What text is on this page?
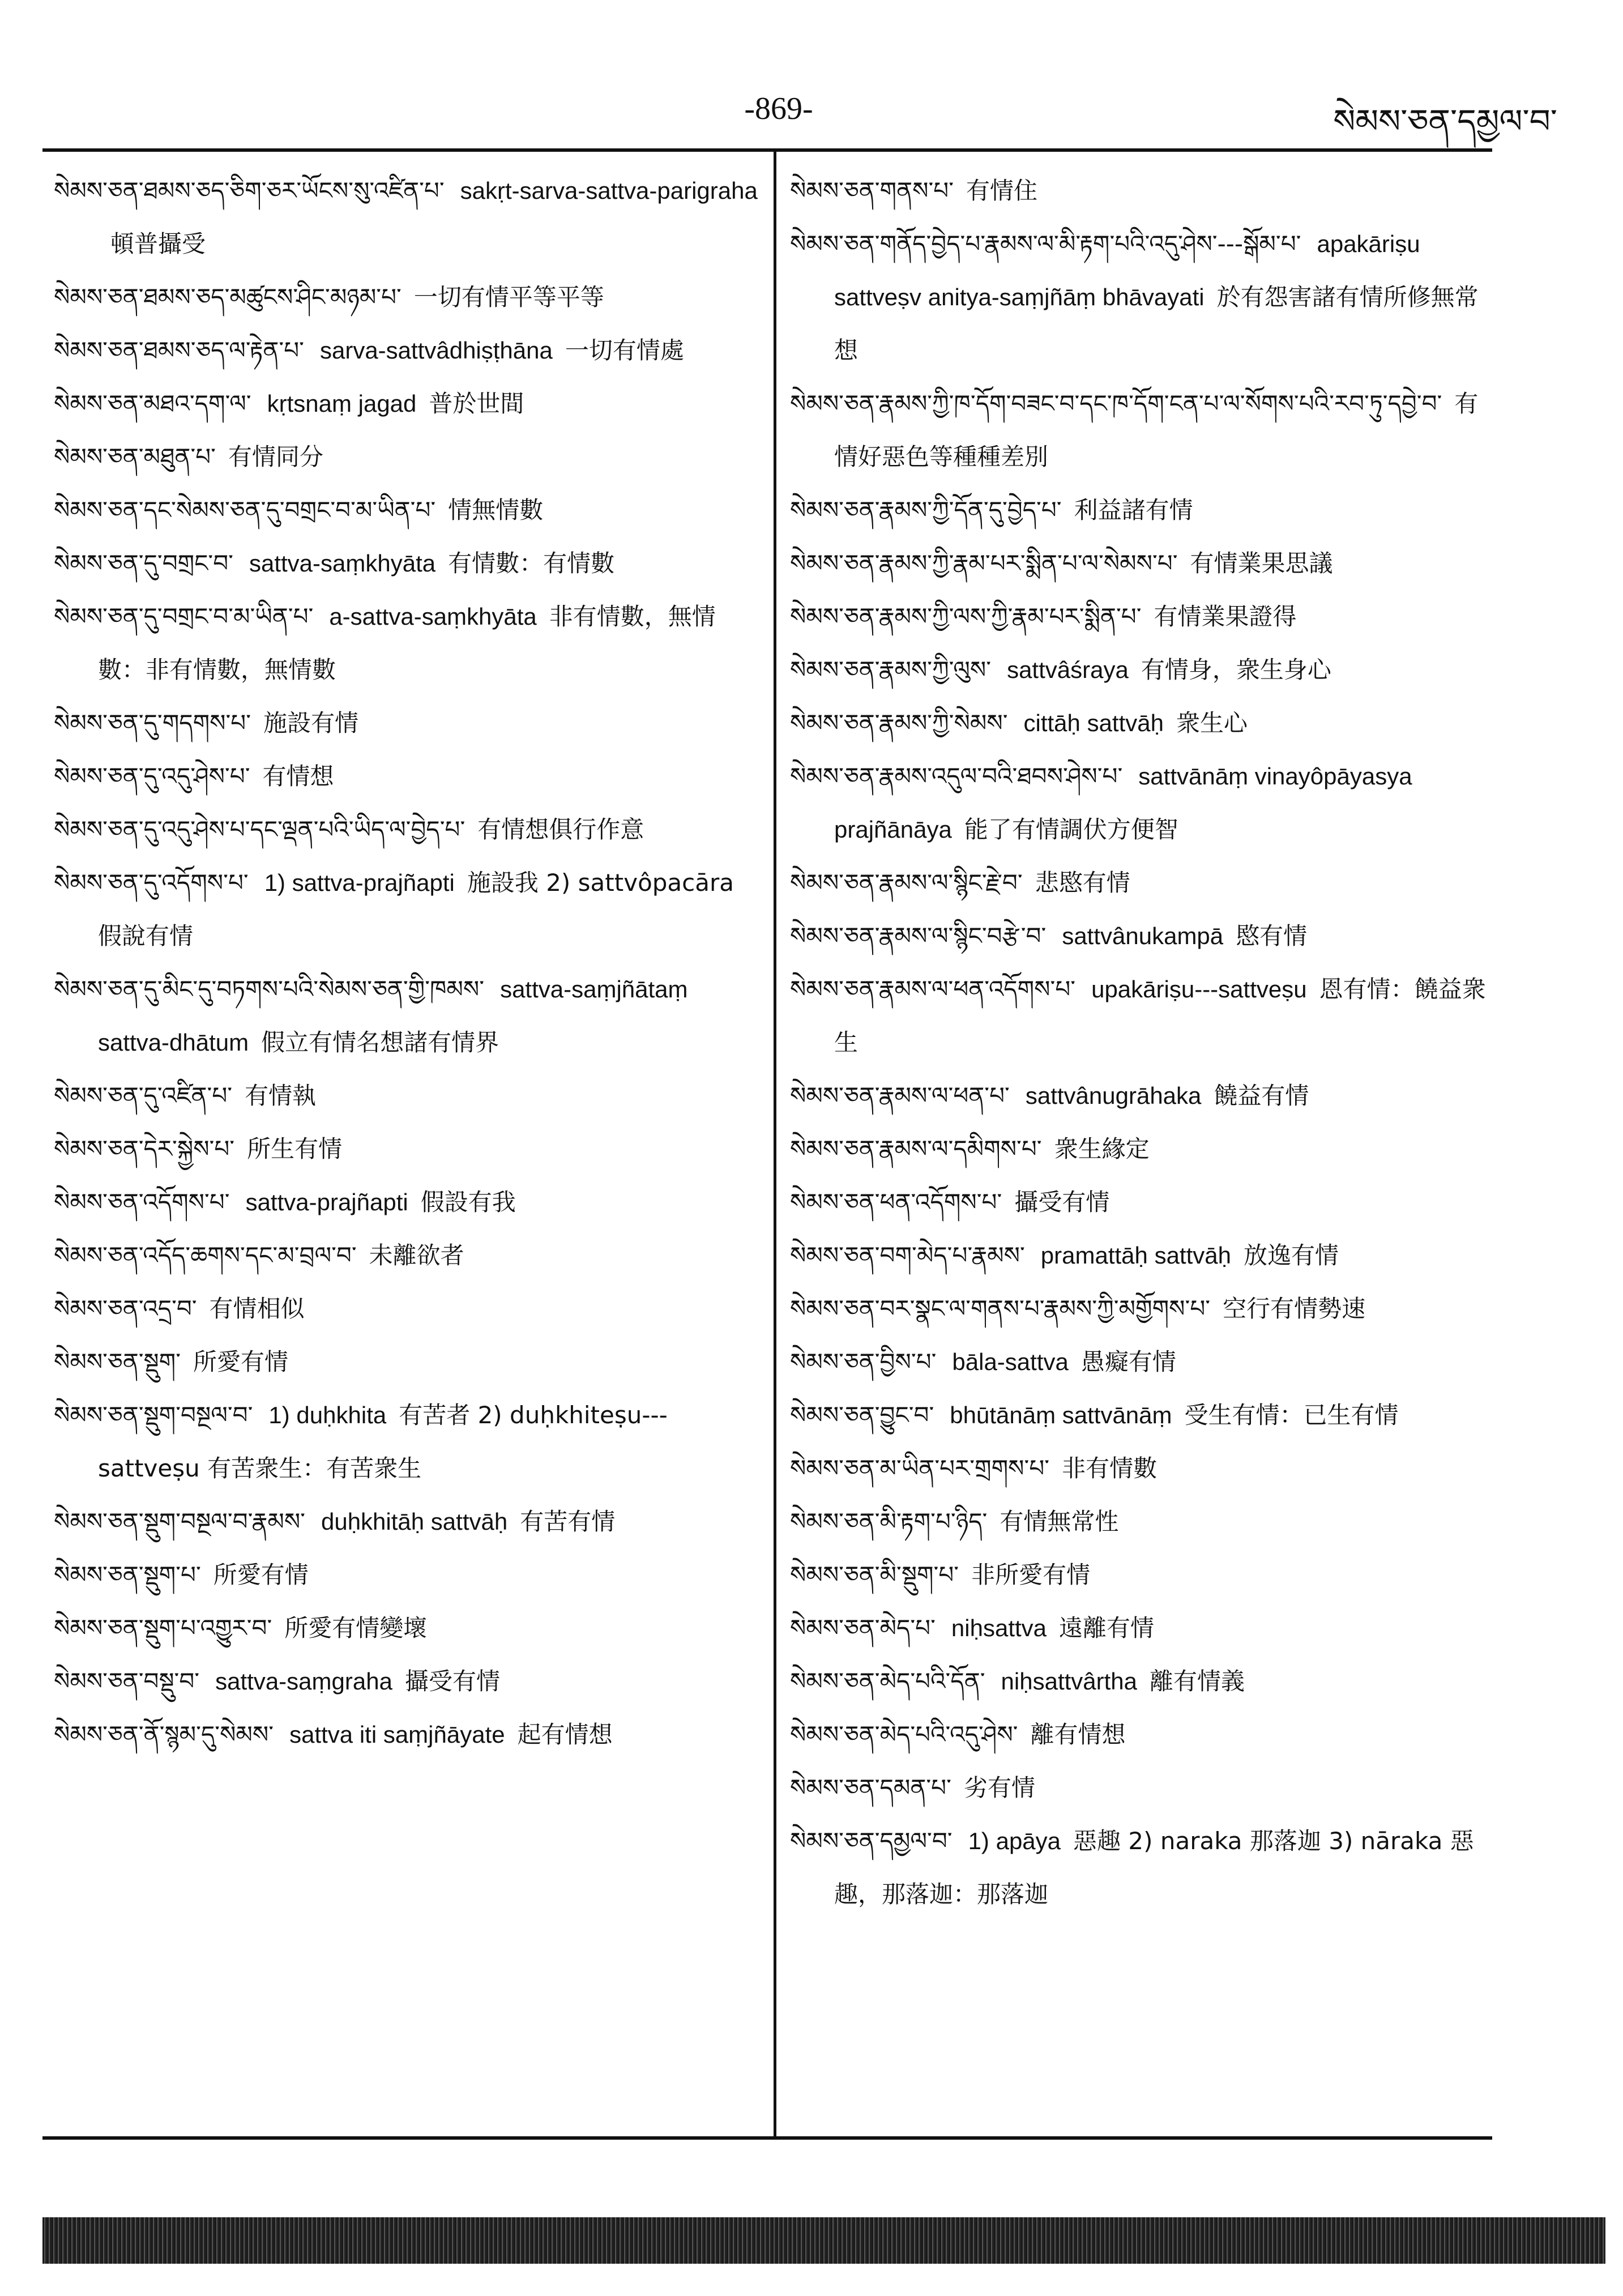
-869-	སེམས་ཅན་དམྱལ་བ་
སེམས་ཅན་ཐམས་ཅད་ཅིག་ཅར་ཡོངས་སུ་འཛིན་པ་ sakṛt-sarva-sattva-parigraha頓普攝受
སེམས་ཅན་ཐམས་ཅད་མཚུངས་ཤིང་མཉམ་པ་ 一切有情平等平等
སེམས་ཅན་ཐམས་ཅད་ལ་རྟེན་པ་ sarva-sattvâdhiṣṭhāna 一切有情處
སེམས་ཅན་མཐའ་དག་ལ་ kṛtsnaṃ jagad 普於世間
སེམས་ཅན་མཐུན་པ་ 有情同分
སེམས་ཅན་དང་སེམས་ཅན་དུ་བགྲང་བ་མ་ཡིན་པ་ 情無情數
སེམས་ཅན་དུ་བགྲང་བ་ sattva-saṃkhyāta 有情數：有情數
སེམས་ཅན་དུ་བགྲང་བ་མ་ཡིན་པ་ a-sattva-saṃkhyāta 非有情數，無情數：非有情數，無情數
སེམས་ཅན་དུ་གདགས་པ་ 施設有情
སེམས་ཅན་དུ་འདུ་ཤེས་པ་ 有情想
སེམས་ཅན་དུ་འདུ་ཤེས་པ་དང་ལྡན་པའི་ཡིད་ལ་བྱེད་པ་ 有情想俱行作意
སེམས་ཅན་དུ་འདོགས་པ་ 1) sattva-prajñapti 施設我 2) sattvôpacāra 假說有情
སེམས་ཅན་དུ་མིང་དུ་བཏགས་པའི་སེམས་ཅན་གྱི་ཁམས་ sattva-saṃjñātaṃ sattva-dhātum 假立有情名想諸有情界
སེམས་ཅན་དུ་འཛིན་པ་ 有情執
སེམས་ཅན་དེར་སྐྱེས་པ་ 所生有情
སེམས་ཅན་འདོགས་པ་ sattva-prajñapti 假設有我
སེམས་ཅན་འདོད་ཆགས་དང་མ་བྲལ་བ་ 未離欲者
སེམས་ཅན་འདྲ་བ་ 有情相似
སེམས་ཅན་སྡུག་ 所愛有情
སེམས་ཅན་སྡུག་བསྔལ་བ་ 1) duḥkhita 有苦者 2) duḥkhiteṣu---sattveṣu 有苦衆生：有苦衆生
སེམས་ཅན་སྡུག་བསྔལ་བ་རྣམས་ duḥkhitāḥ sattvāḥ 有苦有情
སེམས་ཅན་སྡུག་པ་ 所愛有情
སེམས་ཅན་སྡུག་པ་འགྱུར་བ་ 所愛有情變壞
སེམས་ཅན་བསྡུ་བ་ sattva-saṃgraha 攝受有情
སེམས་ཅན་ནོ་སྙམ་དུ་སེམས་ sattva iti saṃjñāyate 起有情想
སེམས་ཅན་གནས་པ་ 有情住
སེམས་ཅན་གནོད་བྱེད་པ་རྣམས་ལ་མི་རྟག་པའི་འདུ་ཤེས་---སྒོམ་པ་ apakāriṣu sattveṣv anitya-saṃjñāṃ bhāvayati 於有怨害諸有情所修無常想
སེམས་ཅན་རྣམས་ཀྱི་ཁ་དོག་བཟང་བ་དང་ཁ་དོག་ངན་པ་ལ་སོགས་པའི་རབ་ཏུ་དབྱེ་བ་ 有情好惡色等種種差別
སེམས་ཅན་རྣམས་ཀྱི་དོན་དུ་བྱེད་པ་ 利益諸有情
སེམས་ཅན་རྣམས་ཀྱི་རྣམ་པར་སྨིན་པ་ལ་སེམས་པ་ 有情業果思議
སེམས་ཅན་རྣམས་ཀྱི་ལས་ཀྱི་རྣམ་པར་སྨིན་པ་ 有情業果證得
སེམས་ཅན་རྣམས་ཀྱི་ལུས་ sattvâśraya 有情身，衆生身心
སེམས་ཅན་རྣམས་ཀྱི་སེམས་ cittāḥ sattvāḥ 衆生心
སེམས་ཅན་རྣམས་འདུལ་བའི་ཐབས་ཤེས་པ་ sattvānāṃ vinayôpāyasya prajñānāya 能了有情調伏方便智
སེམས་ཅན་རྣམས་ལ་སྙིང་རྗེ་བ་ 悲愍有情
སེམས་ཅན་རྣམས་ལ་སྙིང་བརྩེ་བ་ sattvânukampā 愍有情
སེམས་ཅན་རྣམས་ལ་ཕན་འདོགས་པ་ upakāriṣu---sattveṣu 恩有情：饒益衆生
སེམས་ཅན་རྣམས་ལ་ཕན་པ་ sattvânugrāhaka 饒益有情
སེམས་ཅན་རྣམས་ལ་དམིགས་པ་ 衆生緣定
སེམས་ཅན་ཕན་འདོགས་པ་ 攝受有情
སེམས་ཅན་བག་མེད་པ་རྣམས་ pramattāḥ sattvāḥ 放逸有情
སེམས་ཅན་བར་སྣང་ལ་གནས་པ་རྣམས་ཀྱི་མགྱོགས་པ་ 空行有情勢速
སེམས་ཅན་བྱིས་པ་ bāla-sattva 愚癡有情
སེམས་ཅན་བྱུང་བ་ bhūtānāṃ sattvānāṃ 受生有情：已生有情
སེམས་ཅན་མ་ཡིན་པར་གྲགས་པ་ 非有情數
སེམས་ཅན་མི་རྟག་པ་ཉིད་ 有情無常性
སེམས་ཅན་མི་སྡུག་པ་ 非所愛有情
སེམས་ཅན་མེད་པ་ niḥsattva 遠離有情
སེམས་ཅན་མེད་པའི་དོན་ niḥsattvârtha 離有情義
སེམས་ཅན་མེད་པའི་འདུ་ཤེས་ 離有情想
སེམས་ཅན་དམན་པ་ 劣有情
སེམས་ཅན་དམྱལ་བ་ 1) apāya 惡趣 2) naraka 那落迦 3) nāraka 惡趣，那落迦：那落迦
